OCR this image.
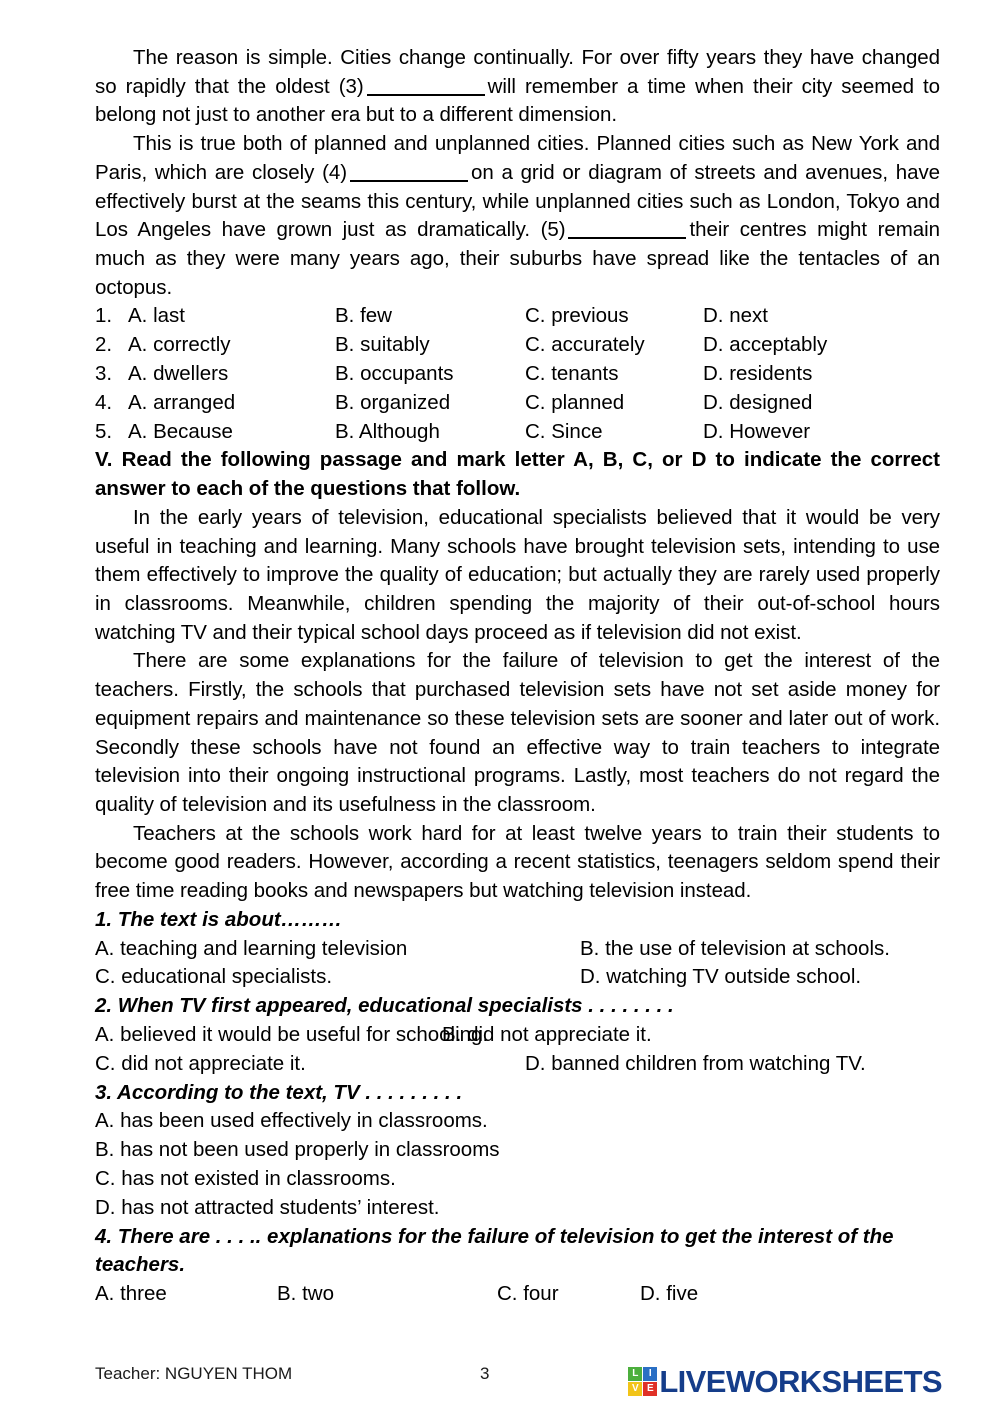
The reason is simple. Cities change continually. For over fifty years they have changed so rapidly that the oldest (3)	will remember a time when their city seemed to belong not just to another era but to a different dimension.

This is true both of planned and unplanned cities. Planned cities such as New York and Paris, which are closely (4)	on a grid or diagram of streets and avenues, have effectively burst at the seams this century, while unplanned cities such as London, Tokyo and Los Angeles have grown just as dramatically. (5)	their centres might remain much as they were many years ago, their suburbs have spread like the tentacles of an octopus.

1. A. last	B. few	C. previous	D. next
2. A. correctly	B. suitably	C. accurately	D. acceptably
3. A. dwellers	B. occupants	C. tenants	D. residents
4. A. arranged	B. organized	C. planned	D. designed
5. A. Because	B. Although	C. Since	D. However

V. Read the following passage and mark letter A, B, C, or D to indicate the correct answer to each of the questions that follow.

In the early years of television, educational specialists believed that it would be very useful in teaching and learning. Many schools have brought television sets, intending to use them effectively to improve the quality of education; but actually they are rarely used properly in classrooms. Meanwhile, children spending the majority of their out-of-school hours watching TV and their typical school days proceed as if television did not exist.

There are some explanations for the failure of television to get the interest of the teachers. Firstly, the schools that purchased television sets have not set aside money for equipment repairs and maintenance so these television sets are sooner and later out of work. Secondly these schools have not found an effective way to train teachers to integrate television into their ongoing instructional programs. Lastly, most teachers do not regard the quality of television and its usefulness in the classroom.

Teachers at the schools work hard for at least twelve years to train their students to become good readers. However, according a recent statistics, teenagers seldom spend their free time reading books and newspapers but watching television instead.

1. The text is about………

A. teaching and learning television	B. the use of television at schools.
C. educational specialists.	D. watching TV outside school.

2. When TV first appeared, educational specialists . . . . . . . .

A. believed it would be useful for schooling.
B. did not appreciate it.
C. did not appreciate it.	D. banned children from watching TV.

3. According to the text, TV . . . . . . . . .

A. has been used effectively in classrooms.
B. has not been used properly in classrooms
C. has not existed in classrooms.
D. has not attracted students’ interest.

4. There are . . . .. explanations for the failure of television to get the interest of the teachers.

A. three	B. two	C. four	D. five
Teacher: NGUYEN THOM	3	L	I
V E LIVEWORKSHEETS
